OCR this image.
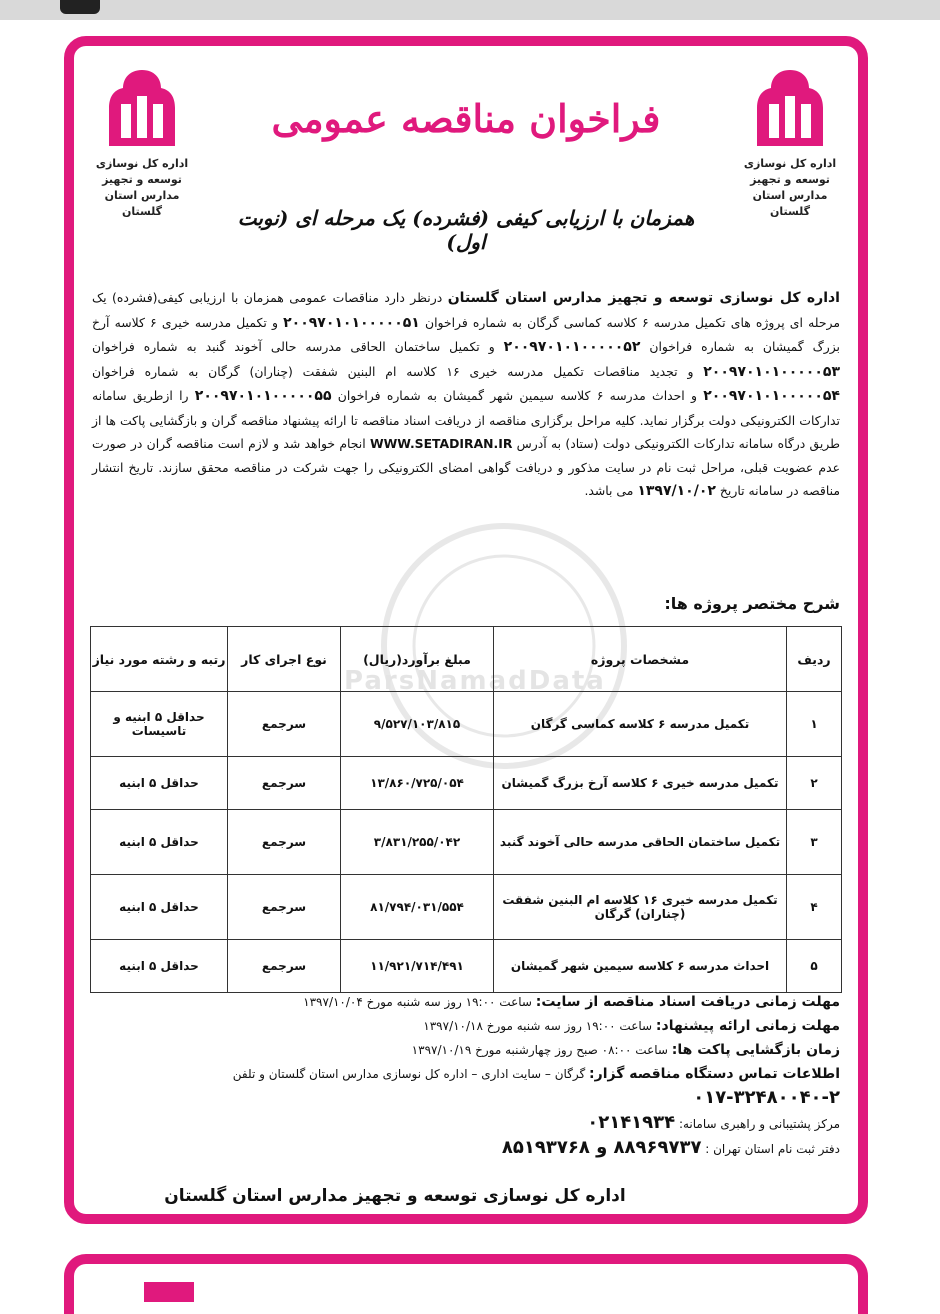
اداره کل نوسازی
توسعه و تجهیز
مدارس استان
گلستان
اداره کل نوسازی
توسعه و تجهیز
مدارس استان
گلستان
فراخوان مناقصه عمومی
همزمان با ارزیابی کیفی (فشرده) یک مرحله ای (نوبت اول)
ParsNamadData
اداره کل نوسازی توسعه و تجهیز مدارس استان گلستان درنظر دارد مناقصات عمومی همزمان با ارزیابی کیفی(فشرده) یک مرحله ای پروژه های تکمیل مدرسه ۶ کلاسه کماسی گرگان به شماره فراخوان ۲۰۰۹۷۰۱۰۱۰۰۰۰۰۵۱ و تکمیل مدرسه خیری ۶ کلاسه آرخ بزرگ گمیشان به شماره فراخوان ۲۰۰۹۷۰۱۰۱۰۰۰۰۰۵۲ و تکمیل ساختمان الحاقی مدرسه حالی آخوند گنبد به شماره فراخوان ۲۰۰۹۷۰۱۰۱۰۰۰۰۰۵۳ و تجدید مناقصات تکمیل مدرسه خیری ۱۶ کلاسه ام البنین شفقت (چناران) گرگان به شماره فراخوان ۲۰۰۹۷۰۱۰۱۰۰۰۰۰۵۴ و احداث مدرسه ۶ کلاسه سیمین شهر گمیشان به شماره فراخوان ۲۰۰۹۷۰۱۰۱۰۰۰۰۰۵۵ را ازطریق سامانه تدارکات الکترونیکی دولت برگزار نماید. کلیه مراحل برگزاری مناقصه از دریافت اسناد مناقصه تا ارائه پیشنهاد مناقصه گران و بازگشایی پاکت ها از طریق درگاه سامانه تدارکات الکترونیکی دولت (ستاد) به آدرس WWW.SETADIRAN.IR انجام خواهد شد و لازم است مناقصه گران در صورت عدم عضویت قبلی، مراحل ثبت نام در سایت مذکور و دریافت گواهی امضای الکترونیکی را جهت شرکت در مناقصه محقق سازند. تاریخ انتشار مناقصه در سامانه تاریخ ۱۳۹۷/۱۰/۰۲ می باشد.
شرح مختصر پروژه ها:
ردیف	مشخصات پروژه	مبلغ برآورد(ریال)	نوع اجرای کار	رتبه و رشته مورد نیاز
۱	تکمیل مدرسه ۶ کلاسه کماسی گرگان	۹/۵۲۷/۱۰۳/۸۱۵	سرجمع	حداقل ۵ ابنیه و تاسیسات
۲	تکمیل مدرسه خیری ۶ کلاسه آرخ بزرگ گمیشان	۱۳/۸۶۰/۷۲۵/۰۵۴	سرجمع	حداقل ۵ ابنیه
۳	تکمیل ساختمان الحاقی مدرسه حالی آخوند گنبد	۳/۸۳۱/۲۵۵/۰۴۲	سرجمع	حداقل ۵ ابنیه
۴	تکمیل مدرسه خیری ۱۶ کلاسه ام البنین شفقت (چناران) گرگان	۸۱/۷۹۴/۰۳۱/۵۵۴	سرجمع	حداقل ۵ ابنیه
۵	احداث مدرسه ۶ کلاسه سیمین شهر گمیشان	۱۱/۹۲۱/۷۱۴/۴۹۱	سرجمع	حداقل ۵ ابنیه
مهلت زمانی دریافت اسناد مناقصه از سایت: ساعت ۱۹:۰۰ روز سه شنبه مورخ ۱۳۹۷/۱۰/۰۴
مهلت زمانی ارائه پیشنهاد: ساعت ۱۹:۰۰ روز سه شنبه مورخ ۱۳۹۷/۱۰/۱۸
زمان بازگشایی پاکت ها: ساعت ۰۸:۰۰ صبح روز چهارشنبه مورخ ۱۳۹۷/۱۰/۱۹
اطلاعات تماس دستگاه مناقصه گزار: گرگان – سایت اداری – اداره کل نوسازی مدارس استان گلستان و تلفن
۰۱۷-۳۲۴۸۰۰۴۰-۲
مرکز پشتیبانی و راهبری سامانه: ۰۲۱۴۱۹۳۴
دفتر ثبت نام استان تهران : ۸۸۹۶۹۷۳۷ و ۸۵۱۹۳۷۶۸
اداره کل نوسازی توسعه و تجهیز مدارس استان گلستان
